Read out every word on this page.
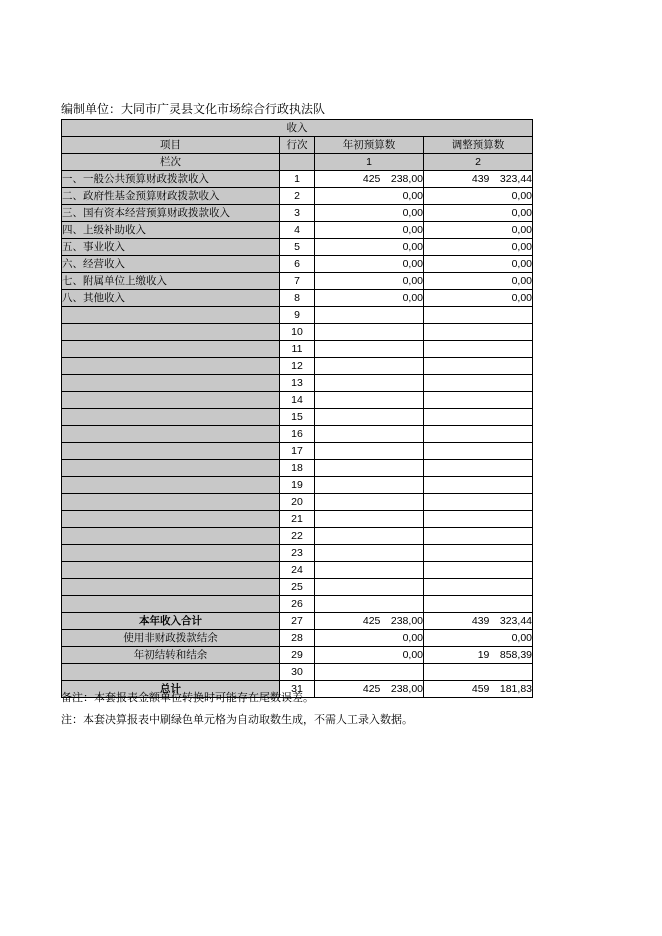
编制单位：大同市广灵县文化市场综合行政执法队
收入			
项目	行次	年初预算数	调整预算数
栏次		1	2
一、一般公共预算财政拨款收入	1	425　238,00	439　323,44
二、政府性基金预算财政拨款收入	2	0,00	0,00
三、国有资本经营预算财政拨款收入	3	0,00	0,00
四、上级补助收入	4	0,00	0,00
五、事业收入	5	0,00	0,00
六、经营收入	6	0,00	0,00
七、附属单位上缴收入	7	0,00	0,00
八、其他收入	8	0,00	0,00
	9		
	10		
	11		
	12		
	13		
	14		
	15		
	16		
	17		
	18		
	19		
	20		
	21		
	22		
	23		
	24		
	25		
	26		
本年收入合计	27	425　238,00	439　323,44
使用非财政拨款结余	28	0,00	0,00
年初结转和结余	29	0,00	19　858,39
	30		
总计	31	425　238,00	459　181,83
备注：本套报表金额单位转换时可能存在尾数误差。
注：本套决算报表中刷绿色单元格为自动取数生成，不需人工录入数据。
